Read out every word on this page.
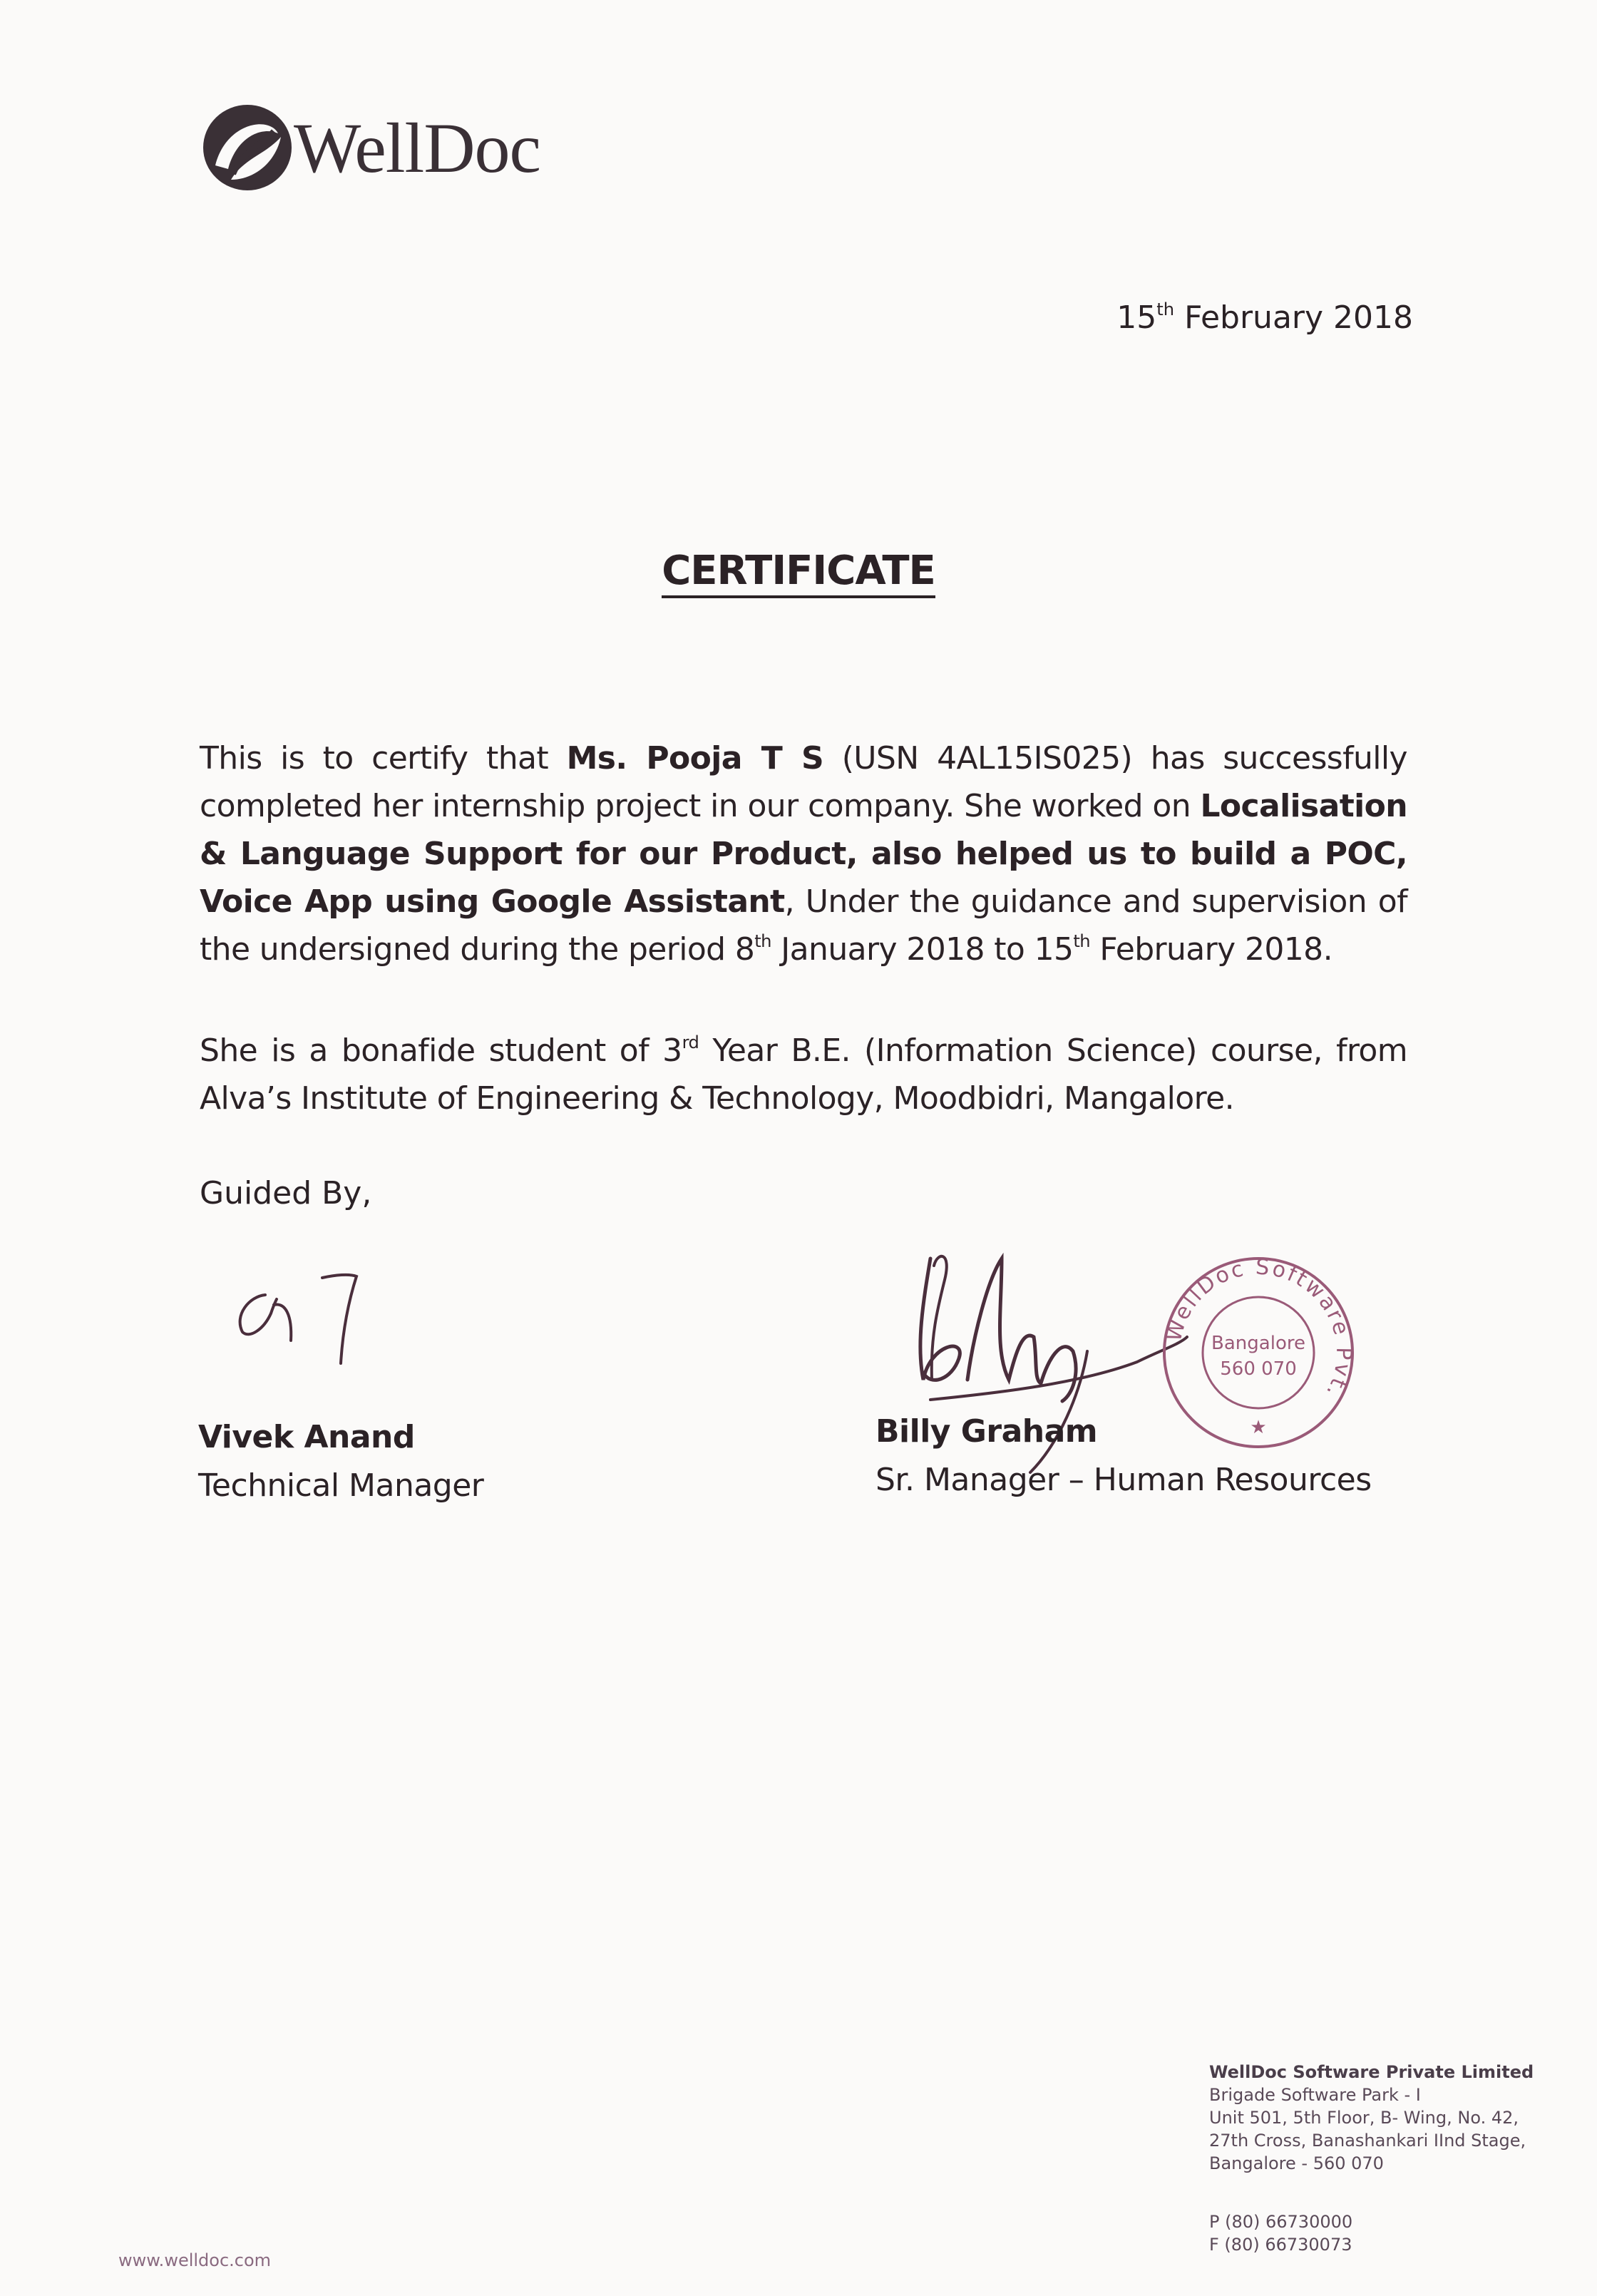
WellDoc
15th February 2018
CERTIFICATE
This is to certify that Ms. Pooja T S (USN 4AL15IS025) has successfully completed her internship project in our company. She worked on Localisation & Language Support for our Product, also helped us to build a POC, Voice App using Google Assistant, Under the guidance and supervision of the undersigned during the period 8th January 2018 to 15th February 2018.
She is a bonafide student of 3rd Year B.E. (Information Science) course, from Alva’s Institute of Engineering & Technology, Moodbidri, Mangalore.
Guided By,
WellDoc Software Pvt.
Bangalore
560 070
★
Vivek Anand
Technical Manager
Billy Graham
Sr. Manager – Human Resources
WellDoc Software Private Limited
Brigade Software Park - I
Unit 501, 5th Floor, B- Wing, No. 42,
27th Cross, Banashankari IInd Stage,
Bangalore - 560 070
P (80) 66730000
F (80) 66730073
www.welldoc.com
